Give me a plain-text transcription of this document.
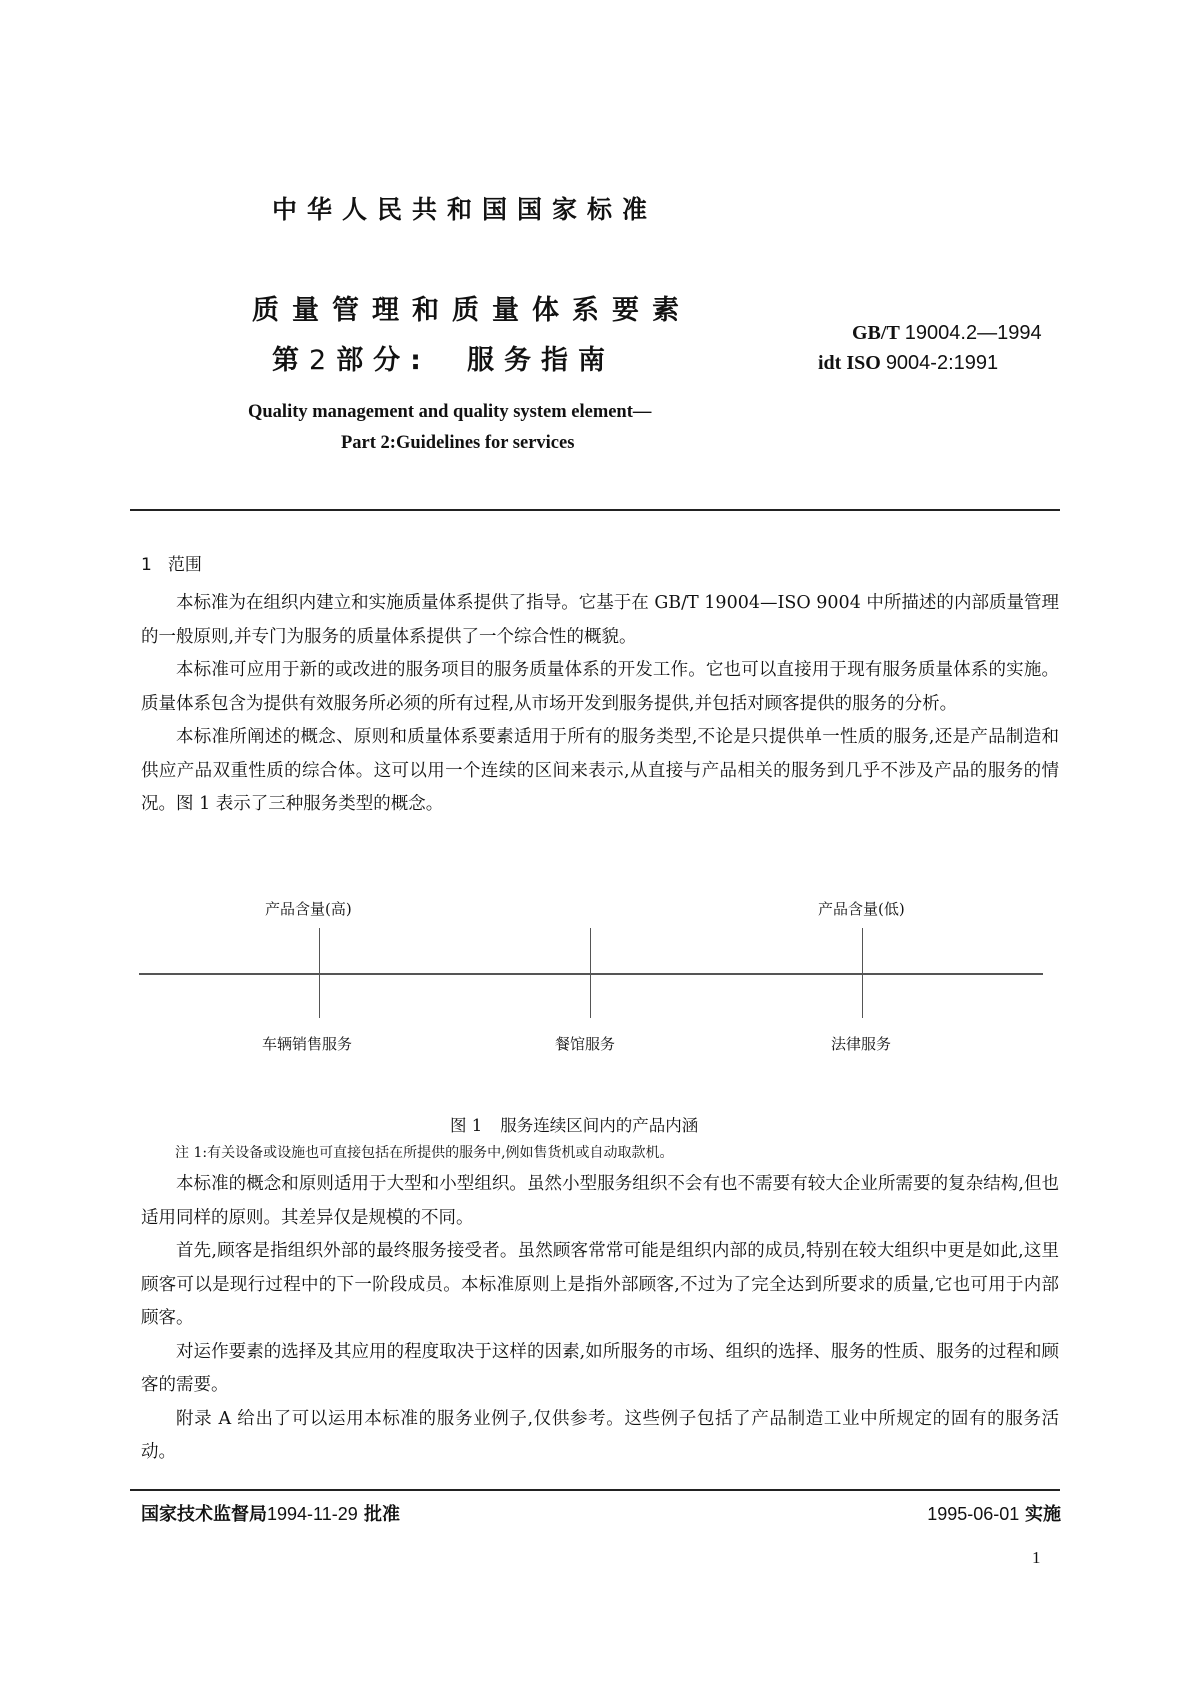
中华人民共和国国家标准
质量管理和质量体系要素
第2部分: 服务指南
GB/T 19004.2—1994
idt ISO 9004-2:1991
Quality management and quality system element—
Part 2:Guidelines for services
1 范围

本标准为在组织内建立和实施质量体系提供了指导。它基于在 GB/T 19004—ISO 9004 中所描述的内部质量管理的一般原则,并专门为服务的质量体系提供了一个综合性的概貌。

本标准可应用于新的或改进的服务项目的服务质量体系的开发工作。它也可以直接用于现有服务质量体系的实施。质量体系包含为提供有效服务所必须的所有过程,从市场开发到服务提供,并包括对顾客提供的服务的分析。

本标准所阐述的概念、原则和质量体系要素适用于所有的服务类型,不论是只提供单一性质的服务,还是产品制造和供应产品双重性质的综合体。这可以用一个连续的区间来表示,从直接与产品相关的服务到几乎不涉及产品的服务的情况。图 1 表示了三种服务类型的概念。

产品含量(高)	产品含量(低)
车辆销售服务	餐馆服务	法律服务
图 1 服务连续区间内的产品内涵
注 1:有关设备或设施也可直接包括在所提供的服务中,例如售货机或自动取款机。

本标准的概念和原则适用于大型和小型组织。虽然小型服务组织不会有也不需要有较大企业所需要的复杂结构,但也适用同样的原则。其差异仅是规模的不同。

首先,顾客是指组织外部的最终服务接受者。虽然顾客常常可能是组织内部的成员,特别在较大组织中更是如此,这里顾客可以是现行过程中的下一阶段成员。本标准原则上是指外部顾客,不过为了完全达到所要求的质量,它也可用于内部顾客。

对运作要素的选择及其应用的程度取决于这样的因素,如所服务的市场、组织的选择、服务的性质、服务的过程和顾客的需要。

附录 A 给出了可以运用本标准的服务业例子,仅供参考。这些例子包括了产品制造工业中所规定的固有的服务活动。

国家技术监督局1994-11-29 批准	1995-06-01 实施
1
